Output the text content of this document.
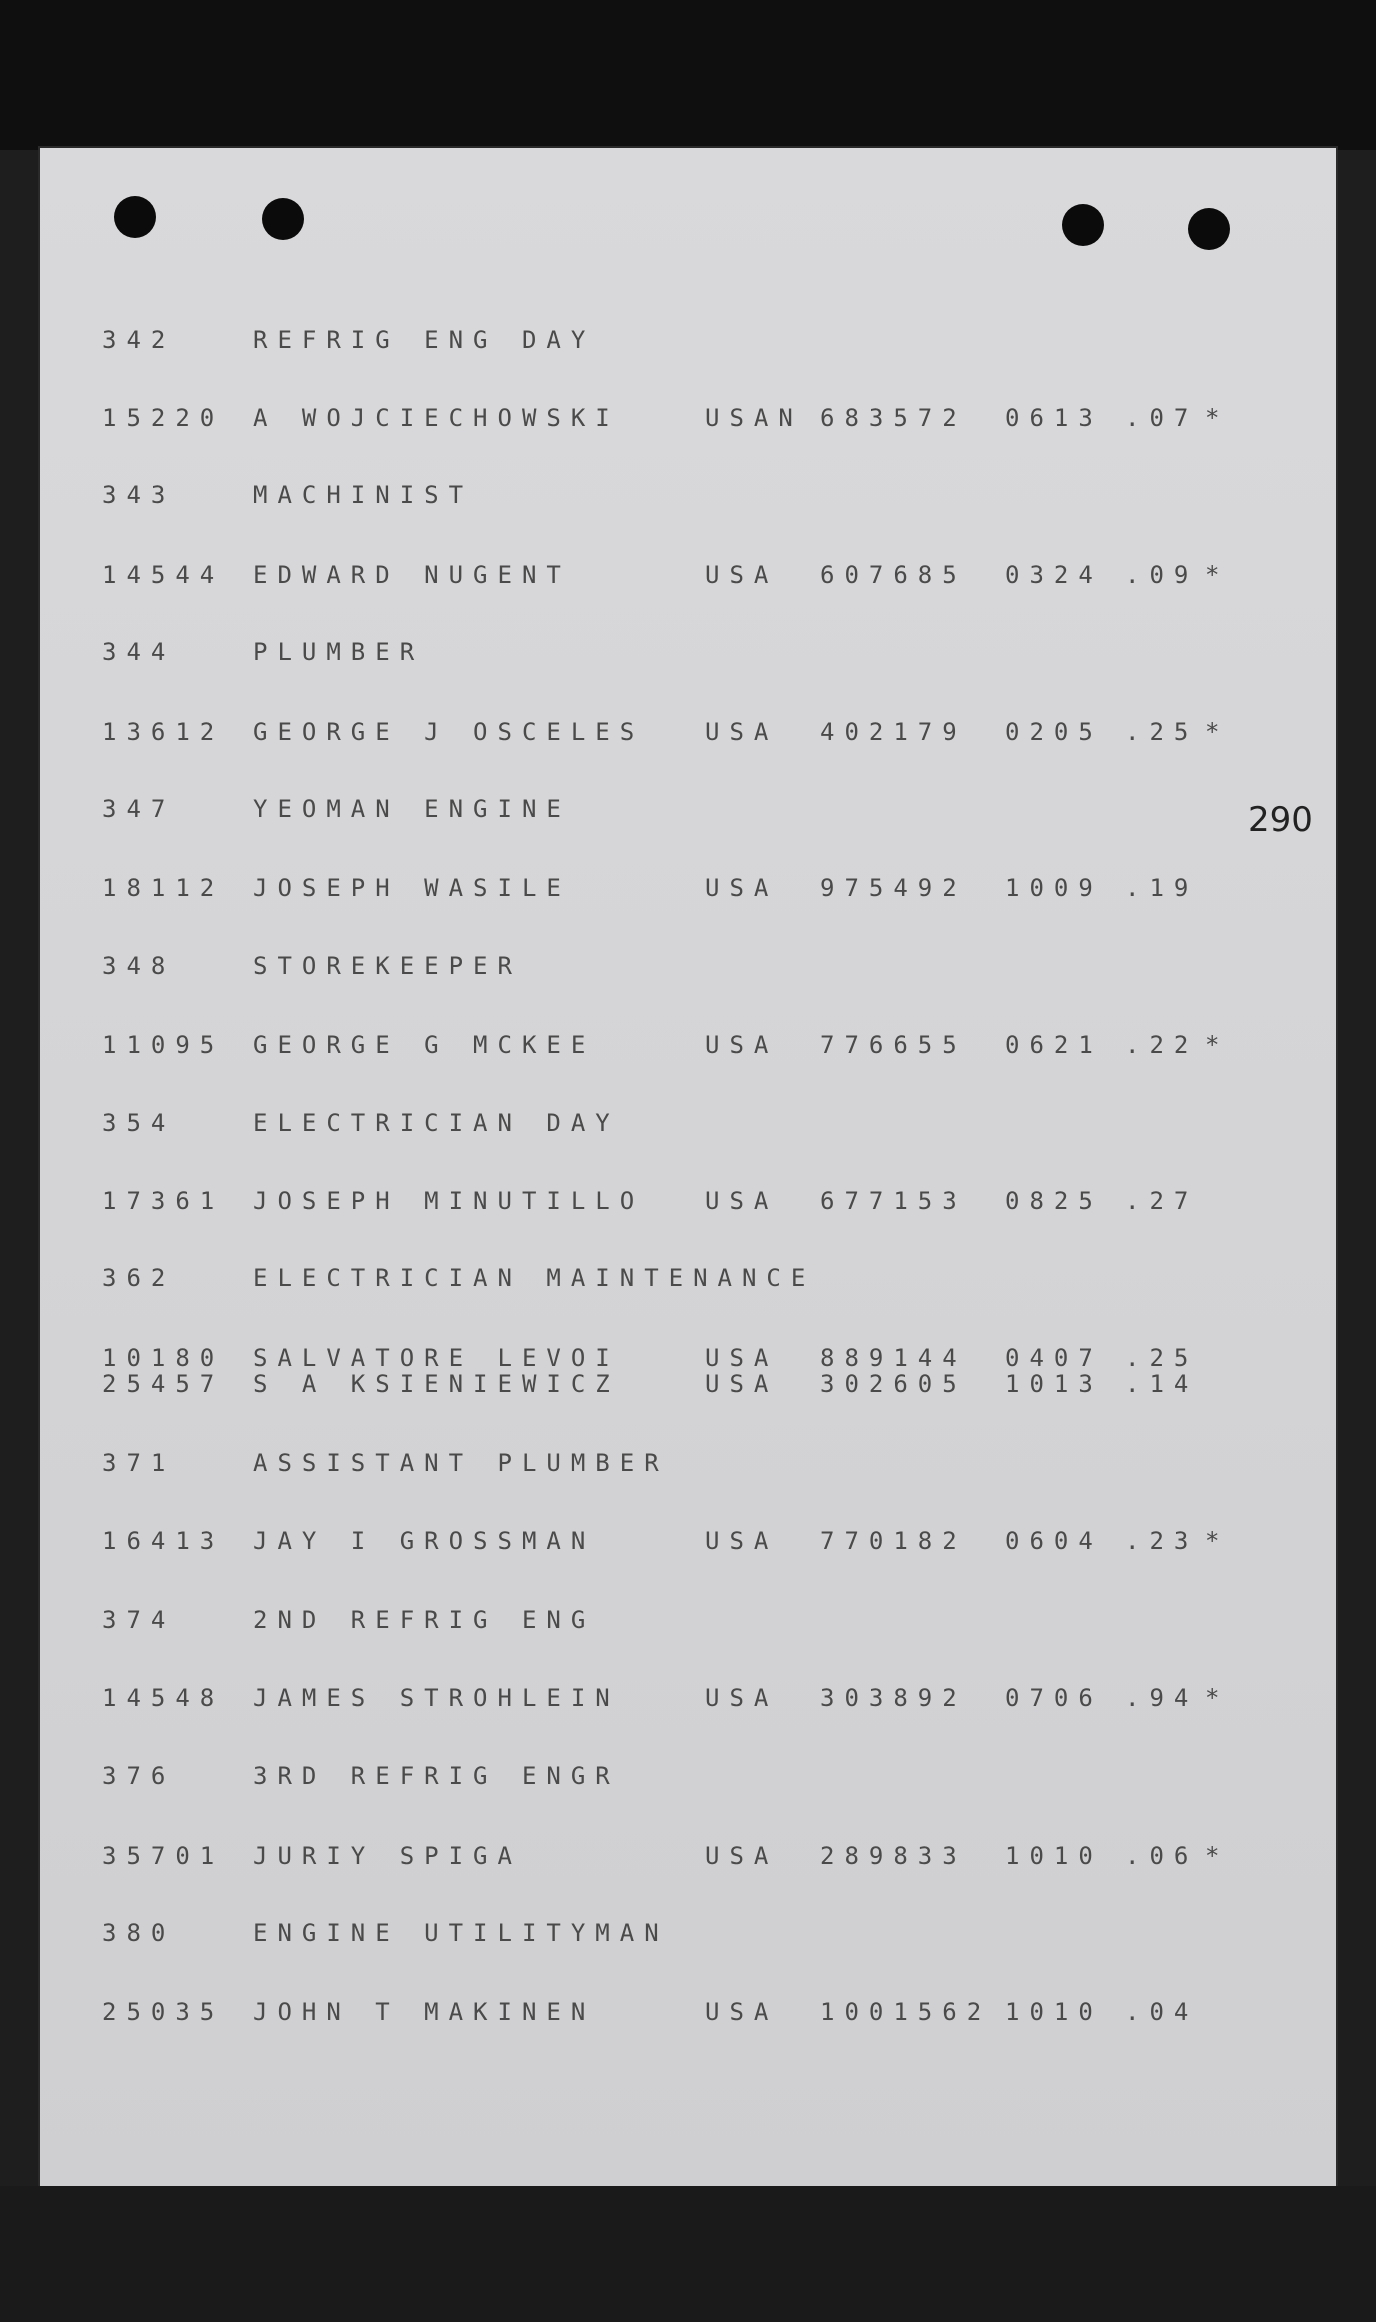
290
342	REFRIG ENG DAY
15220 A WOJCIECHOWSKI	USAN 683572 0613 .07 *
343	MACHINIST
14544 EDWARD NUGENT	USA 607685 0324 .09 *
344	PLUMBER
13612 GEORGE J OSCELES	USA 402179 0205 .25 *
347	YEOMAN ENGINE
18112 JOSEPH WASILE	USA 975492 1009 .19
348	STOREKEEPER
11095 GEORGE G MCKEE	USA 776655 0621 .22 *
354	ELECTRICIAN DAY
17361 JOSEPH MINUTILLO	USA 677153 0825 .27
362	ELECTRICIAN MAINTENANCE
10180 SALVATORE LEVOI	USA 889144 0407 .25
25457 S A KSIENIEWICZ	USA 302605 1013 .14
371	ASSISTANT PLUMBER
16413 JAY I GROSSMAN	USA 770182 0604 .23 *
374	2ND REFRIG ENG
14548 JAMES STROHLEIN	USA 303892 0706 .94 *
376	3RD REFRIG ENGR
35701 JURIY SPIGA	USA 289833 1010 .06 *
380	ENGINE UTILITYMAN
25035 JOHN T MAKINEN	USA 1001562 1010 .04
